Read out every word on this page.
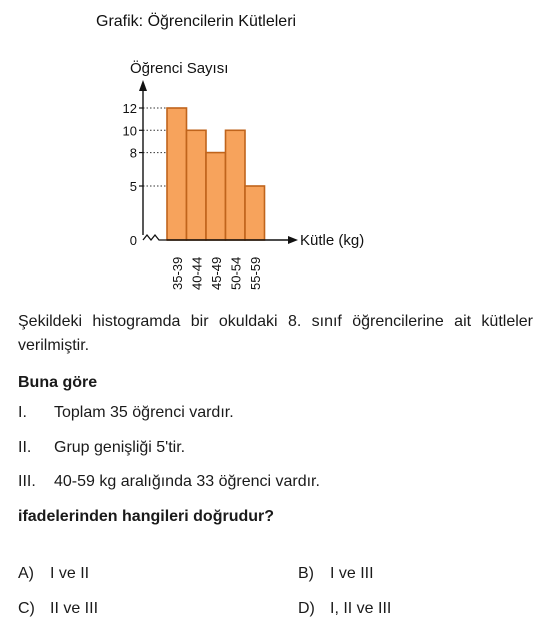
Grafik: Öğrencilerin Kütleleri
Öğrenci Sayısı
0
5
8
10
12
35-39 40-44 45-49 50-54 55-59
Kütle (kg)
Şekildeki histogramda bir okuldaki 8. sınıf öğrencilerine ait kütleler verilmiştir.
Buna göre
I. Toplam 35 öğrenci vardır.
II. Grup genişliği 5'tir.
III. 40-59 kg aralığında 33 öğrenci vardır.
ifadelerinden hangileri doğrudur?
A) I ve II	B) I ve III
C) II ve III	D) I, II ve III
